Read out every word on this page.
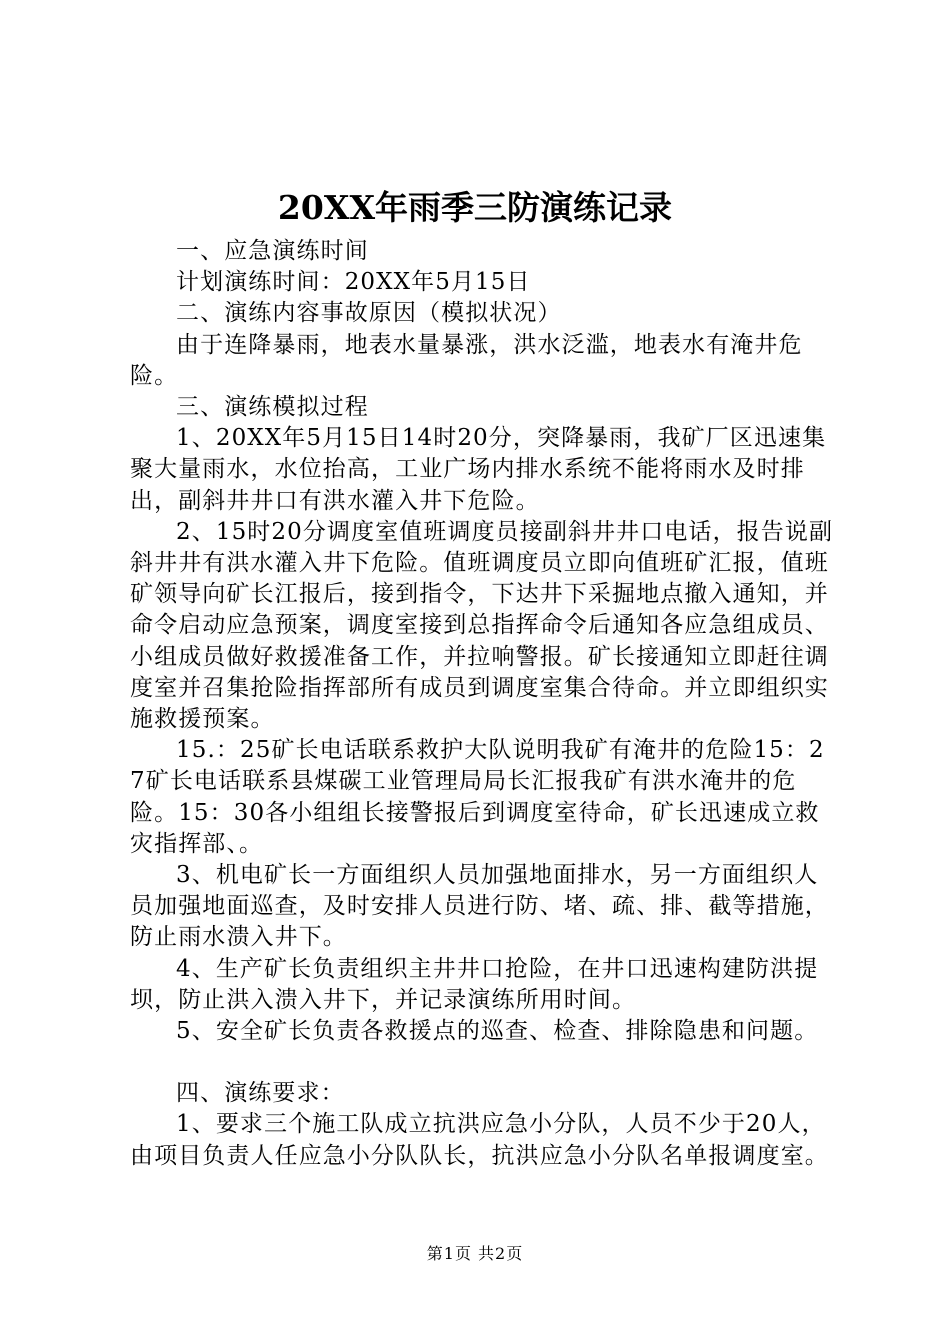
20XX年雨季三防演练记录

一、应急演练时间

计划演练时间：20XX年5月15日

二、演练内容事故原因（模拟状况）

由于连降暴雨，地表水量暴涨，洪水泛滥，地表水有淹井危险。

三、演练模拟过程

1、20XX年5月15日14时20分，突降暴雨，我矿厂区迅速集聚大量雨水，水位抬高，工业广场内排水系统不能将雨水及时排出，副斜井井口有洪水灌入井下危险。

2、15时20分调度室值班调度员接副斜井井口电话，报告说副斜井井有洪水灌入井下危险。值班调度员立即向值班矿汇报，值班矿领导向矿长江报后，接到指令，下达井下采掘地点撤入通知，并命令启动应急预案，调度室接到总指挥命令后通知各应急组成员、小组成员做好救援准备工作，并拉响警报。矿长接通知立即赶往调度室并召集抢险指挥部所有成员到调度室集合待命。并立即组织实施救援预案。

15.：25矿长电话联系救护大队说明我矿有淹井的危险15：27矿长电话联系县煤碳工业管理局局长汇报我矿有洪水淹井的危险。15：30各小组组长接警报后到调度室待命，矿长迅速成立救灾指挥部、。

3、机电矿长一方面组织人员加强地面排水，另一方面组织人员加强地面巡查，及时安排人员进行防、堵、疏、排、截等措施，防止雨水溃入井下。

4、生产矿长负责组织主井井口抢险，在井口迅速构建防洪提坝，防止洪入溃入井下，并记录演练所用时间。

5、安全矿长负责各救援点的巡查、检查、排除隐患和问题。

四、演练要求：

1、要求三个施工队成立抗洪应急小分队，人员不少于20人，由项目负责人任应急小分队队长，抗洪应急小分队名单报调度室。

第1页 共2页
